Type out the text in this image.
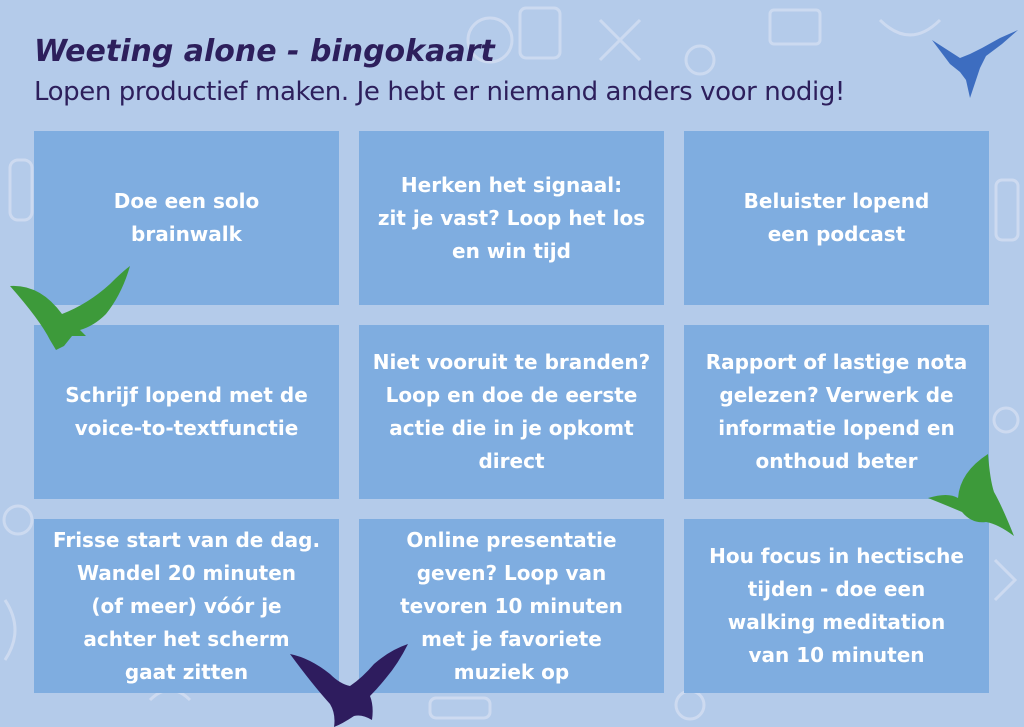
Weeting alone - bingokaart

Lopen productief maken. Je hebt er niemand anders voor nodig!

Doe een solo
brainwalk
Herken het signaal:
zit je vast? Loop het los
en win tijd
Beluister lopend
een podcast
Schrijf lopend met de
voice-to-textfunctie
Niet vooruit te branden?
Loop en doe de eerste
actie die in je opkomt
direct
Rapport of lastige nota
gelezen? Verwerk de
informatie lopend en
onthoud beter
Frisse start van de dag.
Wandel 20 minuten
(of meer) vóór je
achter het scherm
gaat zitten
Online presentatie
geven? Loop van
tevoren 10 minuten
met je favoriete
muziek op
Hou focus in hectische
tijden - doe een
walking meditation
van 10 minuten
